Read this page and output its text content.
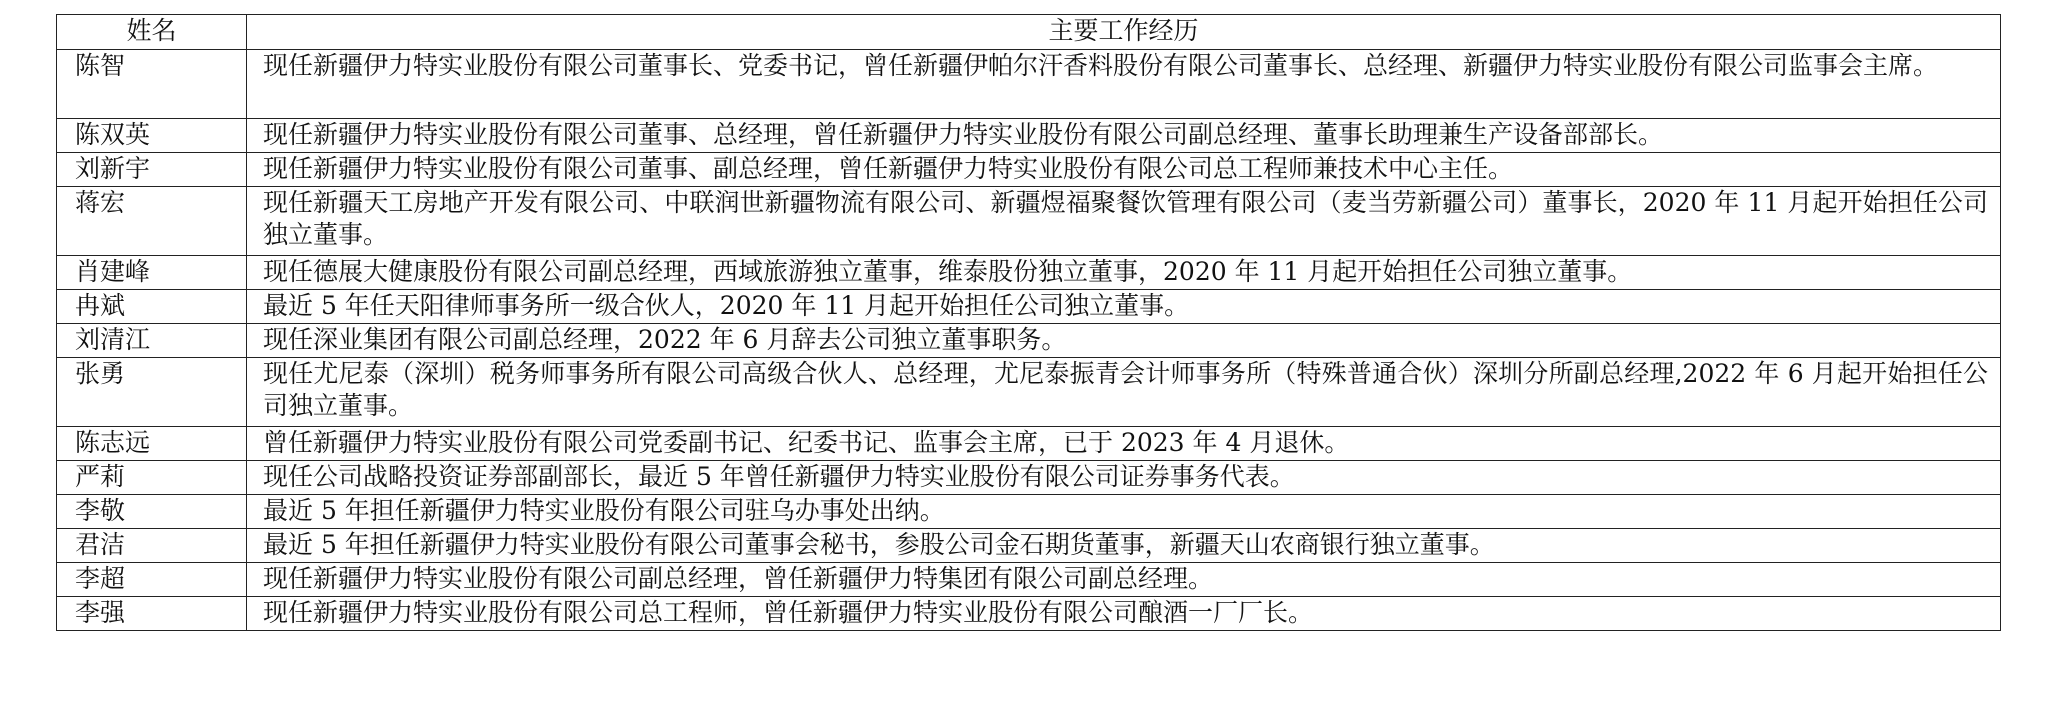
姓名	主要工作经历
陈智	现任新疆伊力特实业股份有限公司董事长、党委书记，曾任新疆伊帕尔汗香料股份有限公司董事长、总经理、新疆伊力特实业股份有限公司监事会主席。
陈双英	现任新疆伊力特实业股份有限公司董事、总经理，曾任新疆伊力特实业股份有限公司副总经理、董事长助理兼生产设备部部长。
刘新宇	现任新疆伊力特实业股份有限公司董事、副总经理，曾任新疆伊力特实业股份有限公司总工程师兼技术中心主任。
蒋宏	现任新疆天工房地产开发有限公司、中联润世新疆物流有限公司、新疆煜福聚餐饮管理有限公司（麦当劳新疆公司）董事长，2020 年 11 月起开始担任公司独立董事。
肖建峰	现任德展大健康股份有限公司副总经理，西域旅游独立董事，维泰股份独立董事，2020 年 11 月起开始担任公司独立董事。
冉斌	最近 5 年任天阳律师事务所一级合伙人，2020 年 11 月起开始担任公司独立董事。
刘清江	现任深业集团有限公司副总经理，2022 年 6 月辞去公司独立董事职务。
张勇	现任尤尼泰（深圳）税务师事务所有限公司高级合伙人、总经理，尤尼泰振青会计师事务所（特殊普通合伙）深圳分所副总经理,2022 年 6 月起开始担任公司独立董事。
陈志远	曾任新疆伊力特实业股份有限公司党委副书记、纪委书记、监事会主席，已于 2023 年 4 月退休。
严莉	现任公司战略投资证券部副部长，最近 5 年曾任新疆伊力特实业股份有限公司证券事务代表。
李敬	最近 5 年担任新疆伊力特实业股份有限公司驻乌办事处出纳。
君洁	最近 5 年担任新疆伊力特实业股份有限公司董事会秘书，参股公司金石期货董事，新疆天山农商银行独立董事。
李超	现任新疆伊力特实业股份有限公司副总经理，曾任新疆伊力特集团有限公司副总经理。
李强	现任新疆伊力特实业股份有限公司总工程师，曾任新疆伊力特实业股份有限公司酿酒一厂厂长。
